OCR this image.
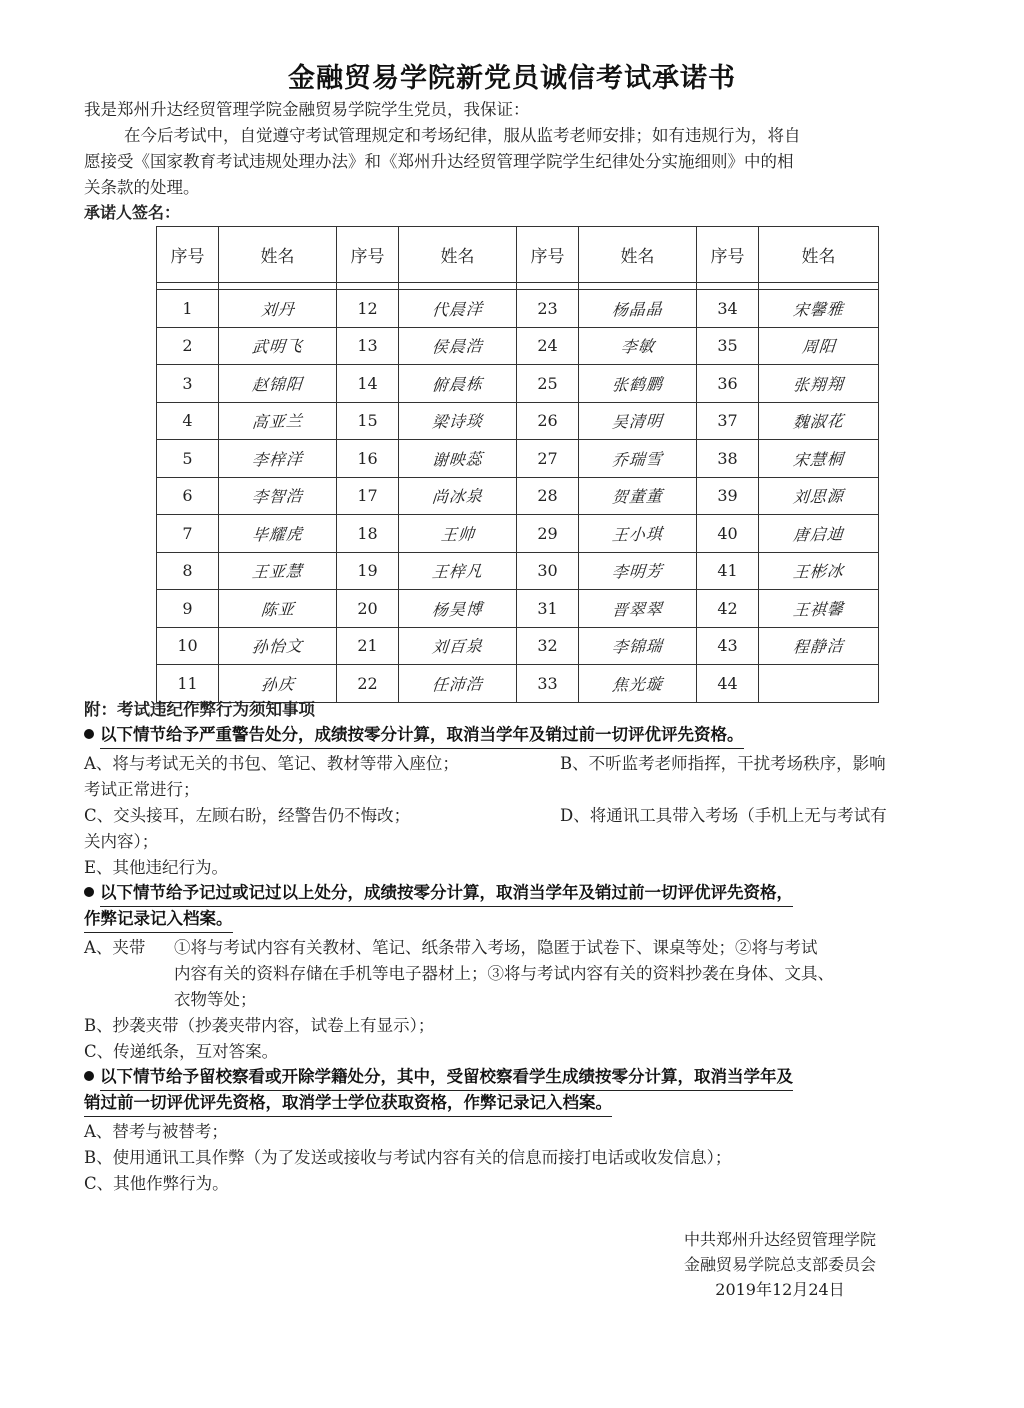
金融贸易学院新党员诚信考试承诺书
我是郑州升达经贸管理学院金融贸易学院学生党员，我保证：
在今后考试中，自觉遵守考试管理规定和考场纪律，服从监考老师安排；如有违规行为，将自
愿接受《国家教育考试违规处理办法》和《郑州升达经贸管理学院学生纪律处分实施细则》中的相
关条款的处理。
承诺人签名：
序号	姓名	序号	姓名	序号	姓名	序号	姓名

1	刘丹	12	代晨洋	23	杨晶晶	34	宋馨雅
2	武明飞	13	侯晨浩	24	李敏	35	周阳
3	赵锦阳	14	俯晨栋	25	张鹤鹏	36	张翔翔
4	高亚兰	15	梁诗琰	26	吴清明	37	魏淑花
5	李梓洋	16	谢映蕊	27	乔瑞雪	38	宋慧桐
6	李智浩	17	尚冰泉	28	贺董董	39	刘思源
7	毕耀虎	18	王帅	29	王小琪	40	唐启迪
8	王亚慧	19	王梓凡	30	李明芳	41	王彬冰
9	陈亚	20	杨昊博	31	晋翠翠	42	王祺馨
10	孙怡文	21	刘百泉	32	李锦瑞	43	程静洁
11	孙庆	22	任沛浩	33	焦光璇	44	
附：考试违纪作弊行为须知事项
以下情节给予严重警告处分，成绩按零分计算，取消当学年及销过前一切评优评先资格。
A、将与考试无关的书包、笔记、教材等带入座位；	B、不听监考老师指挥，干扰考场秩序，影响
考试正常进行；
C、交头接耳，左顾右盼，经警告仍不悔改；	D、将通讯工具带入考场（手机上无与考试有
关内容）；
E、其他违纪行为。
以下情节给予记过或记过以上处分，成绩按零分计算，取消当学年及销过前一切评优评先资格，
作弊记录记入档案。
A、夹带 ①将与考试内容有关教材、笔记、纸条带入考场，隐匿于试卷下、课桌等处；②将与考试
内容有关的资料存储在手机等电子器材上；③将与考试内容有关的资料抄袭在身体、文具、
衣物等处；
B、抄袭夹带（抄袭夹带内容，试卷上有显示）；
C、传递纸条，互对答案。
以下情节给予留校察看或开除学籍处分，其中，受留校察看学生成绩按零分计算，取消当学年及
销过前一切评优评先资格，取消学士学位获取资格，作弊记录记入档案。
A、替考与被替考；
B、使用通讯工具作弊（为了发送或接收与考试内容有关的信息而接打电话或收发信息）；
C、其他作弊行为。
中共郑州升达经贸管理学院
金融贸易学院总支部委员会
2019年12月24日
